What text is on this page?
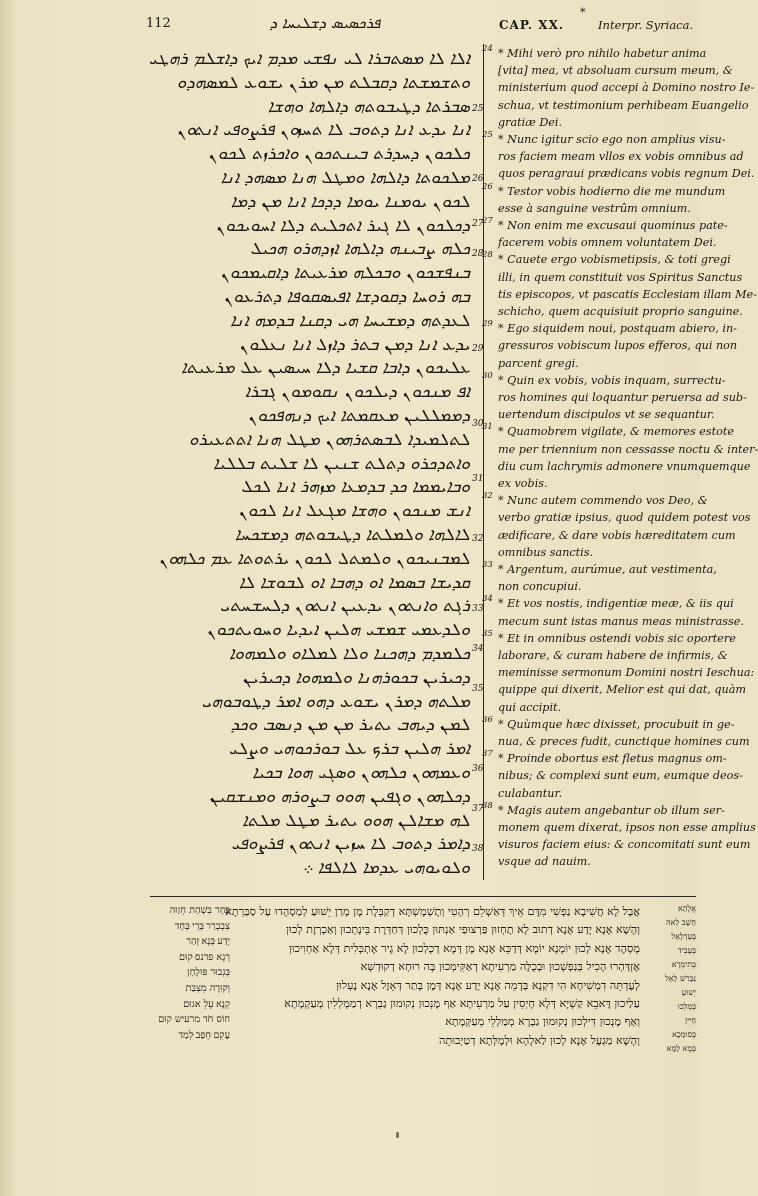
112	ܦܪܟܣܝܣ ܕܫܠܝܚܐ ܕ
*
CAP. XX.	Interpr. Syriaca.
ܐܠܐ ܠܐ ܡܣܬܒܪܐ ܠܝ ܢܦܫܝ ܡܕܡ ܐܝܟ ܕܐܫܠܡ ܪܗܛܝ
ܘܬܫܡܫܬܐ ܕܩܒܠܬ ܡܢ ܡܪܢ ܝܫܘܥ ܠܡܣܗܕܘ
ܣܒܪܬܐ ܕܛܝܒܘܬܗ ܕܐܠܗܐ ܘܗܫܐ
ܐܢܐ ܝܕܥ ܐܢܐ ܕܬܘܒ ܠܐ ܬܚܙܘܢ ܦܪܨܘܦܝ ܐܢܬܘܢ
ܟܠܟܘܢ ܕܚܕܪܬ ܒܝܢܬܟܘܢ ܘܐܟܪܙܬ ܠܟܘܢ
ܡܠܟܘܬܐ ܕܐܠܗܐ ܘܡܛܠ ܗܢܐ ܡܣܗܕ ܐܢܐ
ܠܟܘܢ ܝܘܡܢܐ ܝܘܡܐ ܕܕܟܐ ܐܢܐ ܡܢ ܕܡܐ
ܕܟܠܟܘܢ ܠܐ ܓܝܪ ܐܬܟܠܝܬ ܕܠܐ ܐܚܘܝܟܘܢ
ܟܠܗ ܨܒܝܢܗ ܕܐܠܗܐ ܐܙܕܗܪܘ ܗܟܝܠ
ܒܢܦܫܟܘܢ ܘܒܟܠܗ ܡܪܥܝܬܐ ܕܐܩܝܡܟܘܢ
ܒܗ ܪܘܚܐ ܕܩܘܕܫܐ ܐܦܝܣܩܘܦܐ ܕܬܪܥܘܢ
ܠܥܕܬܗ ܕܡܫܝܚܐ ܗܝ ܕܩܢܐ ܒܕܡܗ ܐܢܐ
ܝܕܥ ܐܢܐ ܕܡܢ ܒܬܪ ܕܐܙܠ ܐܢܐ ܢܥܠܘܢ
ܥܠܝܟܘܢ ܕܐܒܐ ܩܫܝܐ ܕܠܐ ܚܝܣܝܢ ܥܠ ܡܪܥܝܬܐ
ܐܦ ܡܢܟܘܢ ܕܝܠܟܘܢ ܢܩܘܡܘܢ ܓܒܪܐ
ܕܡܡܠܠܝܢ ܡܥܩܡܬܐ ܐܝܟ ܕܢܗܦܟܘܢ
ܠܬܠܡܝܕܐ ܠܒܣܬܪܗܘܢ ܡܛܠ ܗܢܐ ܐܬܬܥܝܪܘ
ܘܐܬܕܟܪܘ ܕܬܠܬ ܫܢܝܢ ܠܐ ܫܠܝܬ ܒܠܠܝܐ
ܘܒܐܝܡܡܐ ܟܕ ܒܕܡܥܐ ܡܙܗܪ ܐܢܐ ܠܟܠ
ܐܢܫ ܡܢܟܘܢ ܘܗܫܐ ܡܓܥܠ ܐܢܐ ܠܟܘܢ
ܠܐܠܗܐ ܘܠܡܠܬܐ ܕܛܝܒܘܬܗ ܕܡܫܟܚܐ
ܠܡܒܢܝܟܘܢ ܘܠܡܬܠ ܠܟܘܢ ܝܪܬܘܬܐ ܥܡ ܟܠܗܘܢ
ܩܕܝܫܐ ܒܣܡܐ ܐܘ ܕܗܒܐ ܐܘ ܠܒܘܫܐ ܠܐ
ܪܓܬ ܘܐܢܬܘܢ ܝܕܥܝܢ ܐܢܬܘܢ ܕܠܚܫܚܬܝ
ܘܠܕܥܡܝ ܫܡܫܝ ܗܠܝܢ ܐܝܕܝܐ ܘܚܘܝܬܟܘܢ
ܟܠܡܕܡ ܕܗܟܢܐ ܘܠܐ ܠܡܠܐܘ ܘܠܡܗܘܐ
ܕܟܝܪܝܢ ܒܟܘܪܗܢܐ ܘܠܡܗܘܐ ܕܟܝܪܝܢ
ܡܠܬܗ ܕܡܪܢ ܝܫܘܥ ܕܗܘ ܐܡܪ ܕܛܘܒܘܗܝ
ܠܡܢ ܕܝܗܒ ܝܬܝܪ ܡܢ ܡܢ ܕܢܣܒ ܘܟܕ
ܐܡܪ ܗܠܝܢ ܒܪܟ ܥܠ ܒܘܪܟܘܗܝ ܘܨܠܝ
ܘܥܡܗܘܢ ܟܠܗܘܢ ܘܣܓܝ ܗܘܐ ܒܟܝܐ
ܕܟܠܗܘܢ ܘܓܦܝܢ ܗܘܘ ܒܨܘܪܗ ܘܡܢܫܩܝܢ
ܠܗ ܡܫܐܠܢ ܗܘܘ ܝܬܝܪ ܡܛܠ ܡܠܬܐ
ܕܐܡܪ ܕܬܘܒ ܠܐ ܚܙܝܢ ܐܢܬܘܢ ܦܪܨܘܦܝ
ܘܠܘܝܘܗܝ ܥܕܡܐ ܠܐܠܦܐ ܀
25
26
27
28
29
30
31
32
33
34
35
36
37
38
* Mihi verò pro nihilo habetur anima
24
[vita] mea, vt absoluam cursum meum, &
ministerium quod accepi à Domino nostro Ie-
schua, vt testimonium perhibeam Euangelio
gratiæ Dei.
* Nunc igitur scio ego non amplius visu-
25
ros faciem meam vllos ex vobis omnibus ad
quos peragraui prædicans vobis regnum Dei.
* Testor vobis hodierno die me mundum
26
esse à sanguine vestrûm omnium.
* Non enim me excusaui quominus pate-
27
facerem vobis omnem voluntatem Dei.
* Cauete ergo vobismetipsis, & toti gregi
28
illi, in quem constituit vos Spiritus Sanctus
tis episcopos, vt pascatis Ecclesiam illam Me-
schicho, quem acquisiuit proprio sanguine.
* Ego siquidem noui, postquam abiero, in-
29
gressuros vobiscum lupos efferos, qui non
parcent gregi.
* Quin ex vobis, vobis inquam, surrectu-
30
ros homines qui loquantur peruersa ad sub-
uertendum discipulos vt se sequantur.
* Quamobrem vigilate, & memores estote
31
me per triennium non cessasse noctu & inter-
diu cum lachrymis admonere vnumquemque
ex vobis.
* Nunc autem commendo vos Deo, &
32
verbo gratiæ ipsius, quod quidem potest vos
ædificare, & dare vobis hæreditatem cum
omnibus sanctis.
* Argentum, aurúmue, aut vestimenta,
33
non concupiui.
* Et vos nostis, indigentiæ meæ, & iis qui
34
mecum sunt istas manus meas ministrasse.
* Et in omnibus ostendi vobis sic oportere
35
laborare, & curam habere de infirmis, &
meminisse sermonum Domini nostri Ieschua:
quippe qui dixerit, Melior est qui dat, quàm
qui accipit.
* Quùmque hæc dixisset, procubuit in ge-
36
nua, & preces fudit, cunctique homines cum
* Proinde obortus est fletus magnus om-
37
nibus; & complexi sunt eum, eumque deos-
culabantur.
* Magis autem angebantur ob illum ser-
38
monem quem dixerat, ipsos non esse amplius
visuros faciem eius: & concomitati sunt eum
vsque ad nauim.
בֶּחָר בִּשְׁהַת חְזַוּה
צִבְבְרַר ּבְּרֵי ּבְּחָד
יְדַע ּבְּנָא ּזְהַר
רְגָא פרנס ּקוּם
ּבְּגְבוּר פּוּלָחָן
וְקוּרָה מִצְבַּת
קְנָא ּעְלֵ אגוּם
חוֹס חֹד מרעיש קוּם
עָקִם ּחְפַב ּלְמַד
אֲבָל לָא חֲשִׁיבָא נַפְשִׁי מִדֶּם אֵיךְ דְּאַשְׁלֵם רְהָטִי וְתֶשְׁמֶשְׁתָּא דְקַבְּלֶת מֶן מָרַן יֵשׁוּעַ לְמַסְהָדוּ עַל סַבַּרְתָא
וְהָשָׁא אֶנָא יָדַע אֶנָא דְתוּב לָא תֶחְזוּן פַּרְצוּפַי אַנְתּוּן כֻּלְכוּן דְּחַדְּרֶת בֵּינָתְכוּן וְאַכְרְזֶת לְכוּן
מָסְהֶד אֶנָא לְכוּן יוֹמָנָא יוֹמָא דְּדַכֵּא אֶנָא מֶן דְּמָא דְכֻלְכוּן לָא גֶיר אֶתְכְּלִית דְּלָא אַחְוִיכוּן
אֶזְדַּהְרוּ הָכִיל בְּנַפְשְׁכוּן וּבְכֻלָּה מַרְעִיתָא דְאַקִּימְכוּן בָּה רוּחָא דְקוּדְשָׁא
לְעֶדְתֵּה דִמְשִׁיחָא הִי דִקְנָא בְּדָמֵה אֶנָא יָדַע אֶנָא דְּמֶן בָּתַר דְּאָזֶל אֶנָא נֶעְלוּן
עַלַיכוּן דֶּאבֵא קַשְׁיָא דְּלָא חָיְסִין עַל מַרְעִיתָא אַף מֶנְכוּן נְקוּמוּן גַבְרָא דְמַמְלְלִין מְעַקְמָתָא
וְאַף מֶנְכוּן דִּילְכוּן נְקוּמוּן גַבְרָא מְמַלְלֵי מְעַקְּמָתָא
וְהָשָׁא מַגְעֶל אֶנָא לְכוּן לַאלָהָא וּלְמֶלְּתָא דְטַיְבוּתֵה
אֱלָהָא
חַשַׁב לֵאהּ
ּבְּעַדְלָאֵל
ּבְּעָבִיד
ּבְּתִימְרָא
נַּבְּרֵשׁ לָאֵל
יְשׁוּעַ
ּבְּמַלְכוּ
חַיִּין
ּבְּסוּמְכָא
ּבְּמָא לָמָּא
